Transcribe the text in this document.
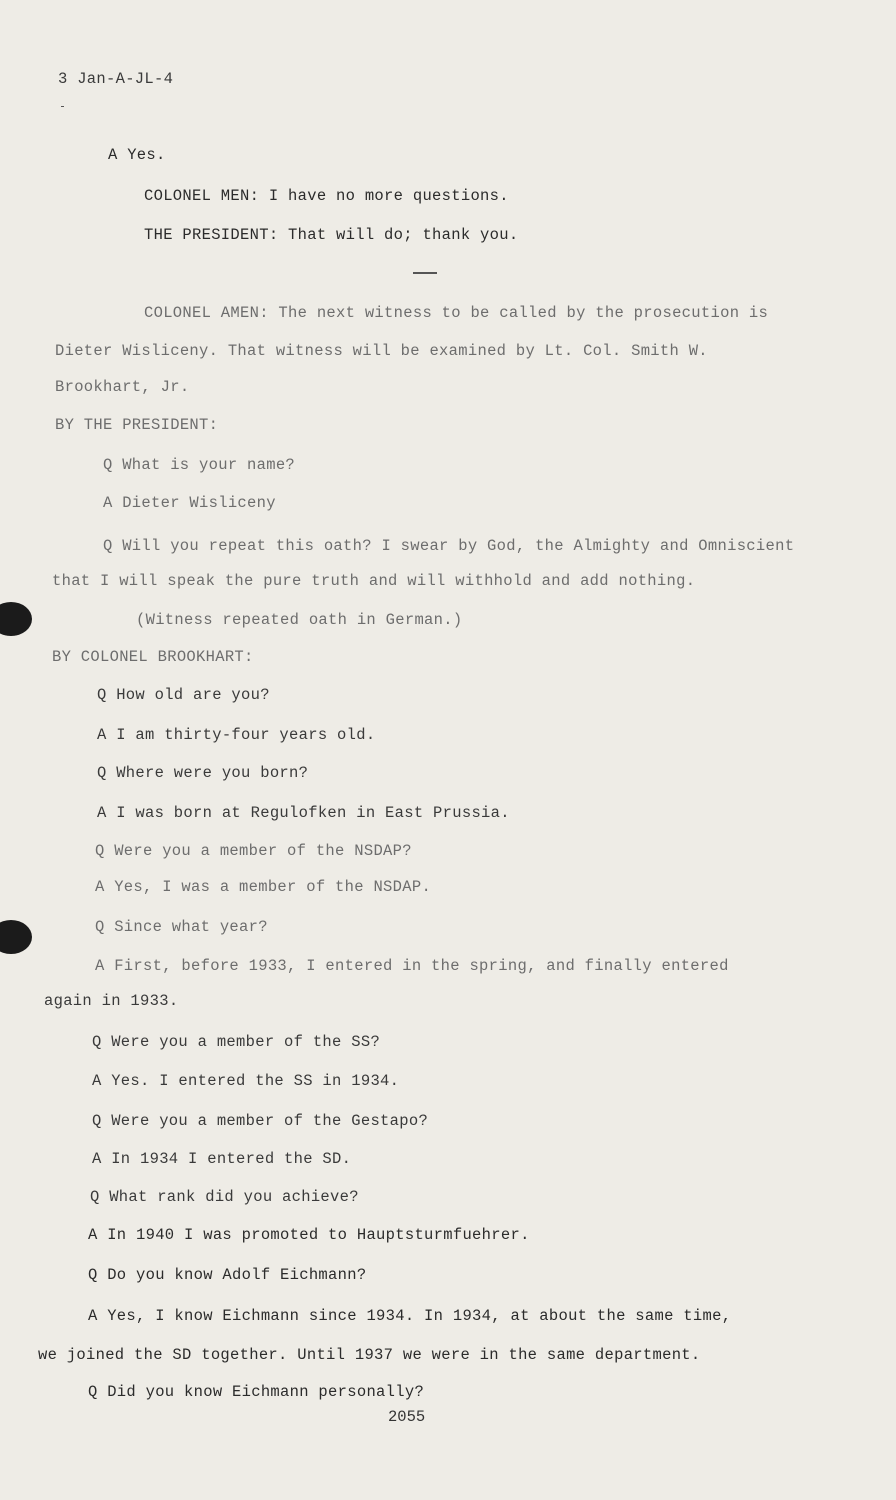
3 Jan-A-JL-4
A Yes.
COLONEL MEN: I have no more questions.
THE PRESIDENT: That will do; thank you.
COLONEL AMEN: The next witness to be called by the prosecution is
Dieter Wisliceny. That witness will be examined by Lt. Col. Smith W.
Brookhart, Jr.
BY THE PRESIDENT:
Q What is your name?
A Dieter Wisliceny
Q Will you repeat this oath? I swear by God, the Almighty and Omniscient
that I will speak the pure truth and will withhold and add nothing.
(Witness repeated oath in German.)
BY COLONEL BROOKHART:
Q How old are you?
A I am thirty-four years old.
Q Where were you born?
A I was born at Regulofken in East Prussia.
Q Were you a member of the NSDAP?
A Yes, I was a member of the NSDAP.
Q Since what year?
A First, before 1933, I entered in the spring, and finally entered
again in 1933.
Q Were you a member of the SS?
A Yes. I entered the SS in 1934.
Q Were you a member of the Gestapo?
A In 1934 I entered the SD.
Q What rank did you achieve?
A In 1940 I was promoted to Hauptsturmfuehrer.
Q Do you know Adolf Eichmann?
A Yes, I know Eichmann since 1934. In 1934, at about the same time,
we joined the SD together. Until 1937 we were in the same department.
Q Did you know Eichmann personally?
2055
